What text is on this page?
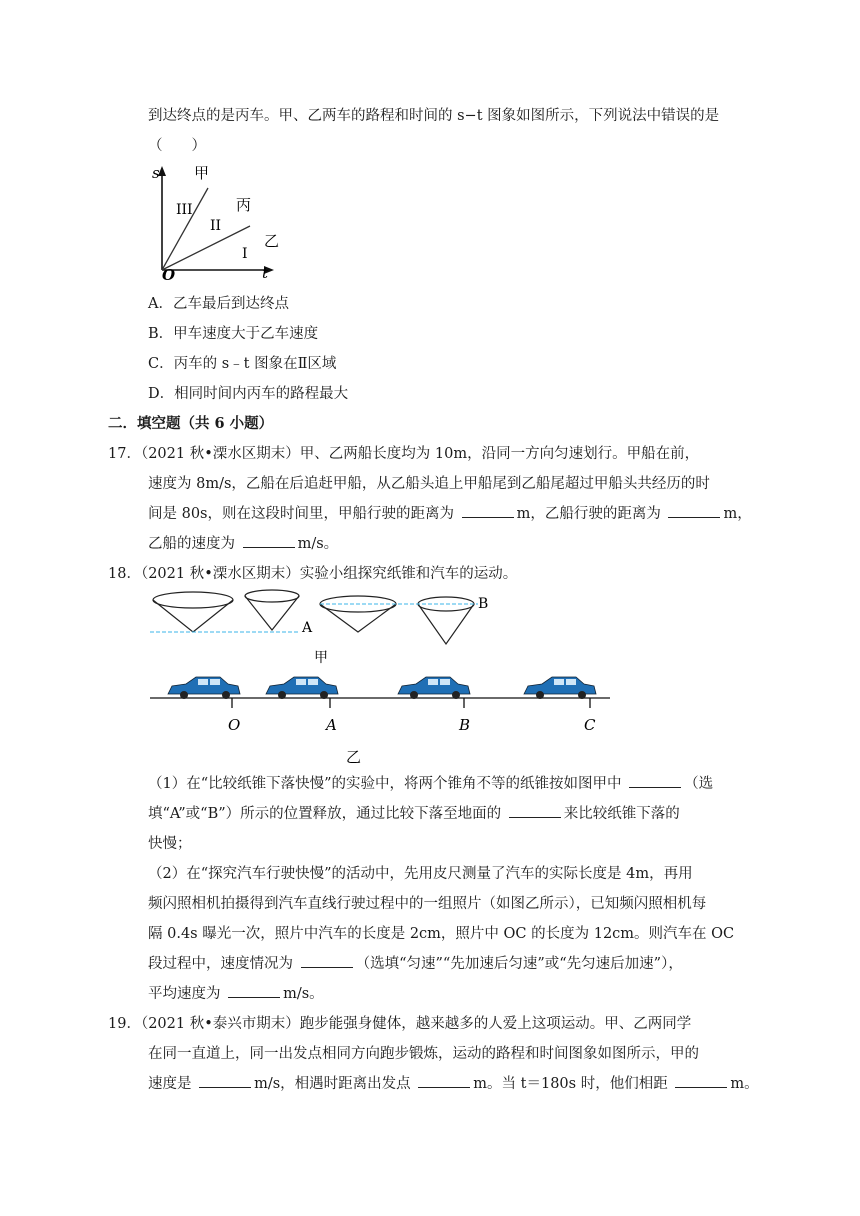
到达终点的是丙车。甲、乙两车的路程和时间的 s−t 图象如图所示，下列说法中错误的是
（　　）
s
t
O
甲
丙
乙
III
II
I
A．乙车最后到达终点
B．甲车速度大于乙车速度
C．丙车的 s﹣t 图象在Ⅱ区域
D．相同时间内丙车的路程最大
二．填空题（共 6 小题）
17．（2021 秋•溧水区期末）甲、乙两船长度均为 10m，沿同一方向匀速划行。甲船在前，
速度为 8m/s，乙船在后追赶甲船，从乙船头追上甲船尾到乙船尾超过甲船头共经历的时
间是 80s，则在这段时间里，甲船行驶的距离为	m，乙船行驶的距离为	m，
乙船的速度为	m/s。
18．（2021 秋•溧水区期末）实验小组探究纸锥和汽车的运动。
A
B
甲
O	A	B	C
乙
（1）在“比较纸锥下落快慢”的实验中，将两个锥角不等的纸锥按如图甲中	（选
填“A”或“B”）所示的位置释放，通过比较下落至地面的	来比较纸锥下落的
快慢；
（2）在“探究汽车行驶快慢”的活动中，先用皮尺测量了汽车的实际长度是 4m，再用
频闪照相机拍摄得到汽车直线行驶过程中的一组照片（如图乙所示），已知频闪照相机每
隔 0.4s 曝光一次，照片中汽车的长度是 2cm，照片中 OC 的长度为 12cm。则汽车在 OC
段过程中，速度情况为	（选填“匀速”“先加速后匀速”或“先匀速后加速”），
平均速度为	m/s。
19．（2021 秋•泰兴市期末）跑步能强身健体，越来越多的人爱上这项运动。甲、乙两同学
在同一直道上，同一出发点相同方向跑步锻炼，运动的路程和时间图象如图所示，甲的
速度是	m/s，相遇时距离出发点	m。当 t＝180s 时，他们相距	m。
